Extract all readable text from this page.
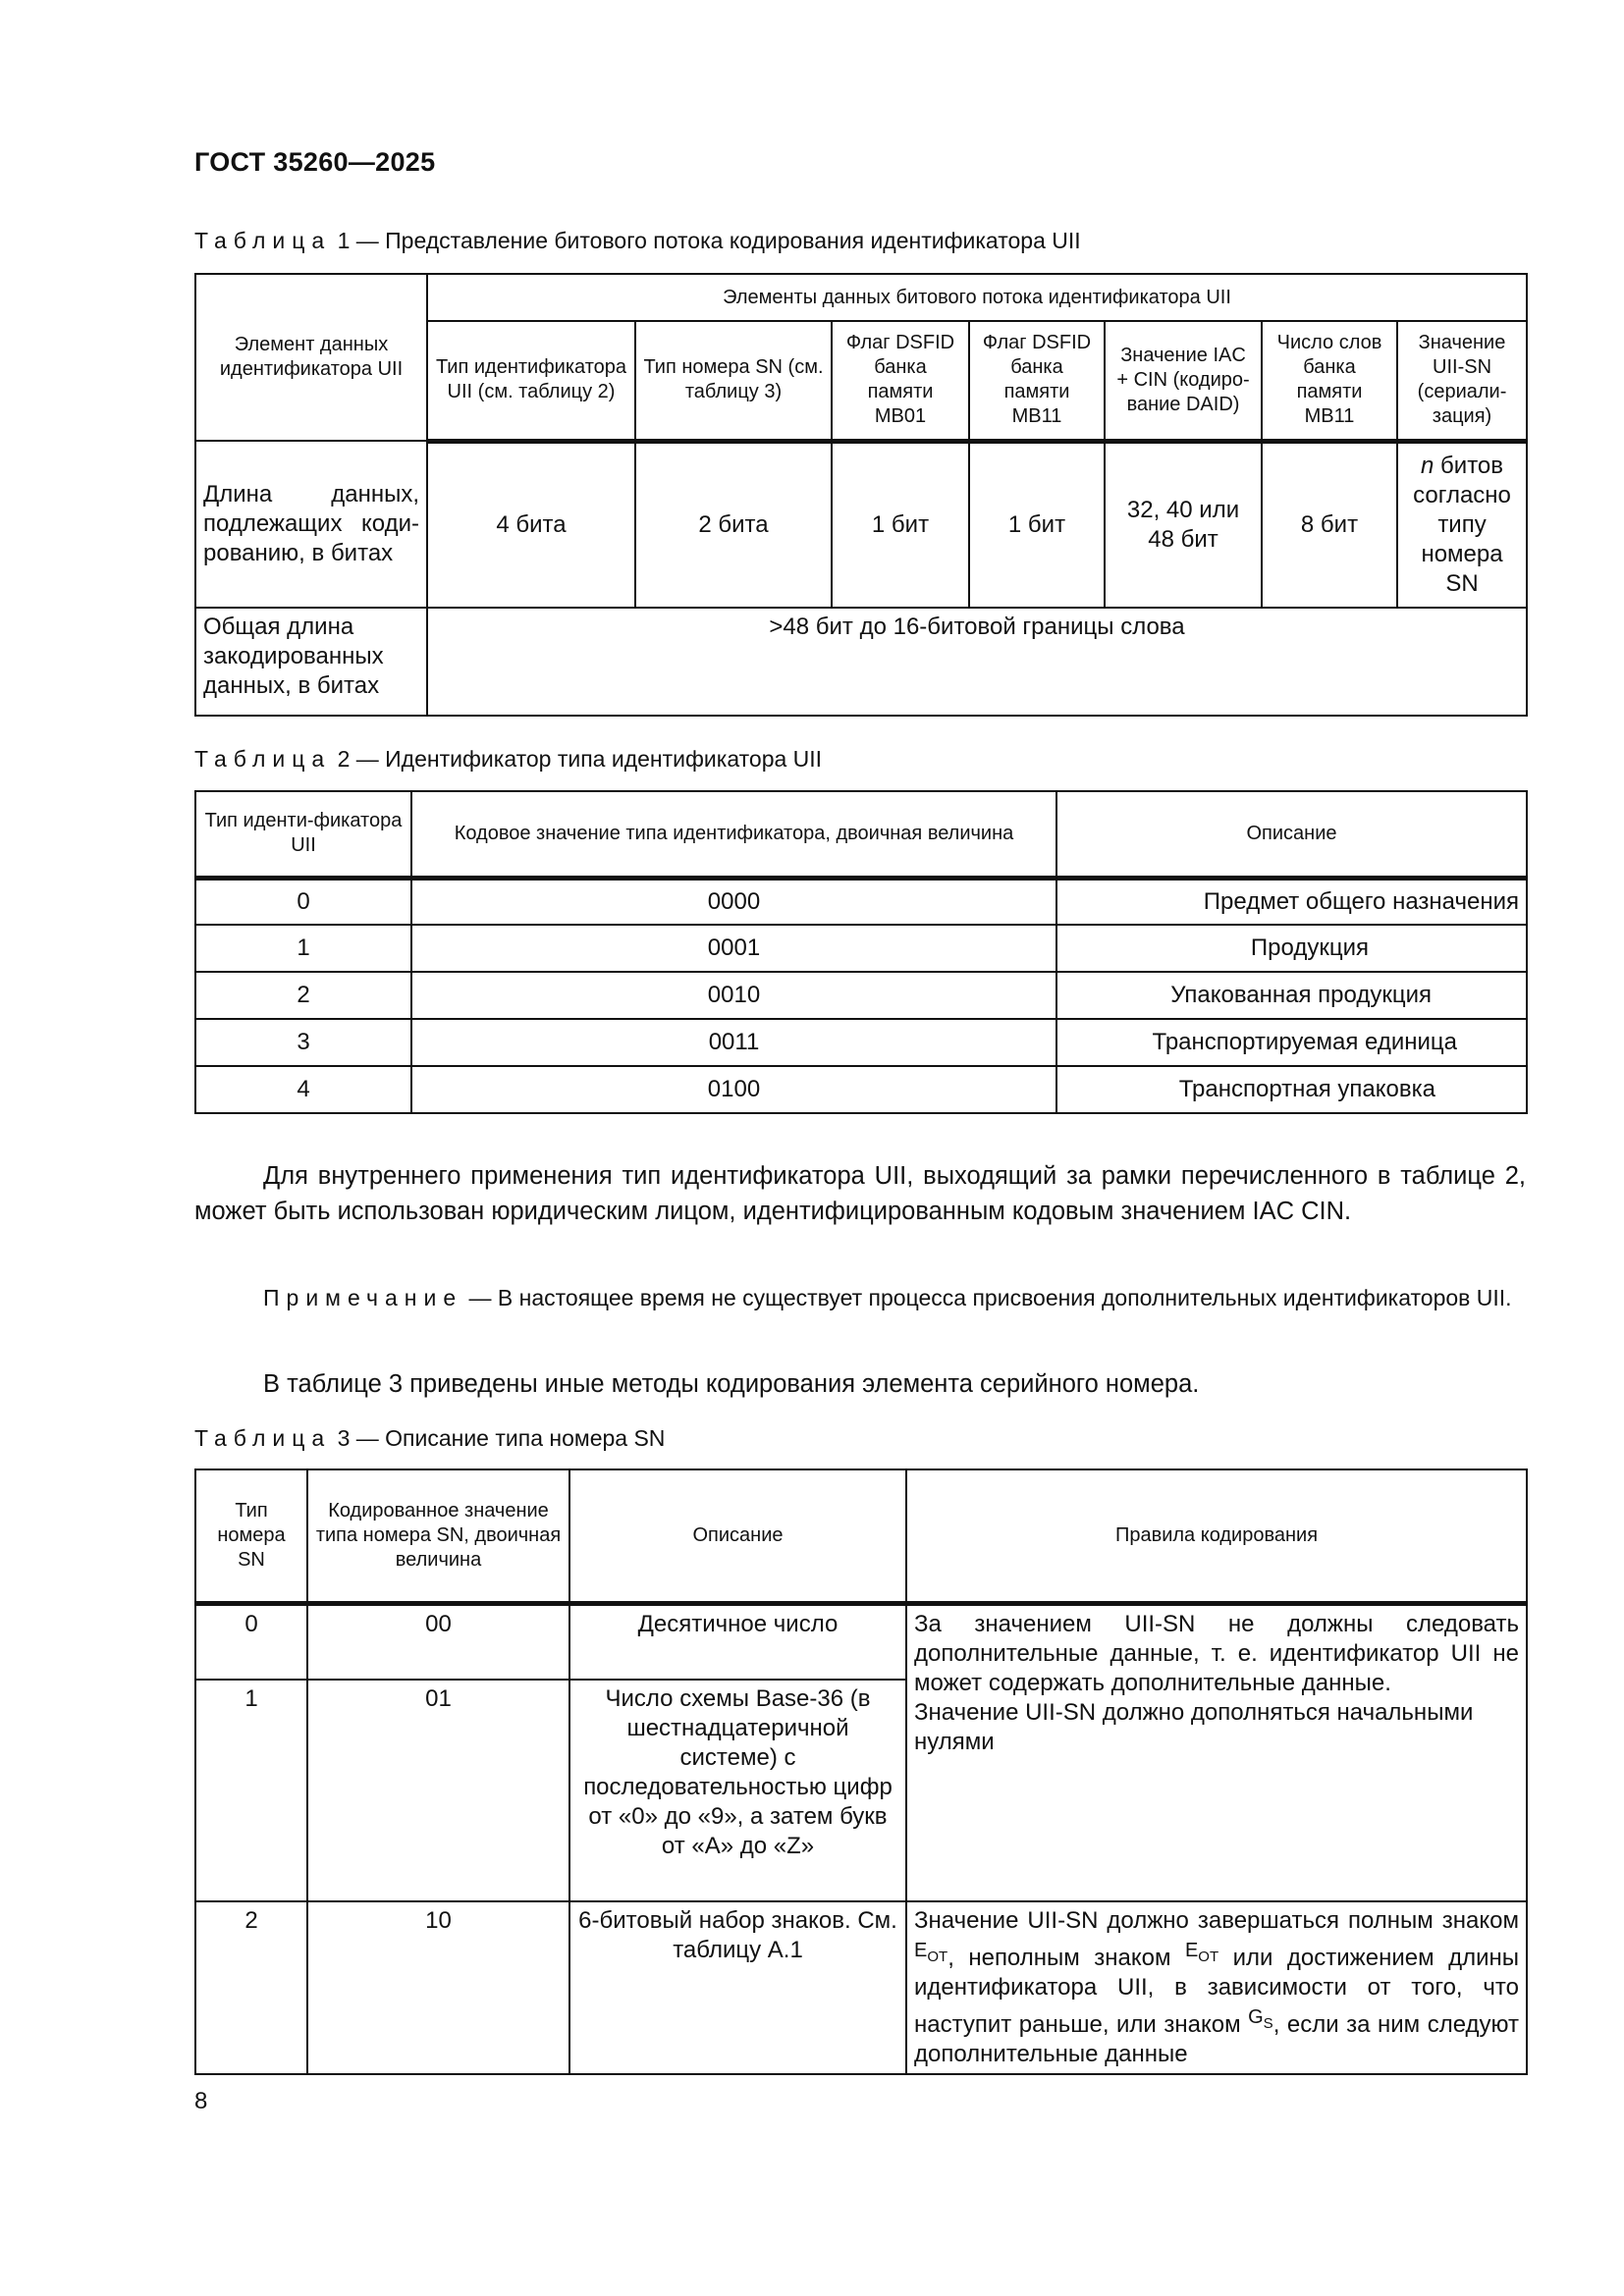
ГОСТ 35260—2025
Таблица 1 — Представление битового потока кодирования идентификатора UII
Элемент данных идентификатора UII	Элементы данных битового потока идентификатора UII						
	Тип идентификатора UII (см. таблицу 2)	Тип номера SN (см. таблицу 3)	Флаг DSFID банка памяти MB01	Флаг DSFID банка памяти MB11	Значение IAC + CIN (кодиро-вание DAID)	Число слов банка памяти MB11	Значение UII-SN (сериали-зация)
Длина данных, подлежащих коди-рованию, в битах	4 бита	2 бита	1 бит	1 бит	32, 40 или 48 бит	8 бит	n битов согласно типу номера SN
Общая длина закодированных данных, в битах	>48 бит до 16-битовой границы слова						
Таблица 2 — Идентификатор типа идентификатора UII
Тип иденти-фикатора UII	Кодовое значение типа идентификатора, двоичная величина	Описание
0	0000	Предмет общего назначения
1	0001	Продукция
2	0010	Упакованная продукция
3	0011	Транспортируемая единица
4	0100	Транспортная упаковка
Для внутреннего применения тип идентификатора UII, выходящий за рамки перечисленного в таблице 2, может быть использован юридическим лицом, идентифицированным кодовым значением IAC CIN.
Примечание — В настоящее время не существует процесса присвоения дополнительных идентификаторов UII.
В таблице 3 приведены иные методы кодирования элемента серийного номера.
Таблица 3 — Описание типа номера SN
Тип номера SN	Кодированное значение типа номера SN, двоичная величина	Описание	Правила кодирования
0	00	Десятичное число	За значением UII-SN не должны следовать дополнительные данные, т. е. идентификатор UII не может содержать дополнительные данные.
Значение UII-SN должно дополняться начальными нулями

1	01	Число схемы Base-36 (в шестнадцатеричной системе) с последовательностью цифр от «0» до «9», а затем букв от «A» до «Z»	
2	10	6-битовый набор знаков. См. таблицу А.1	Значение UII-SN должно завершаться полным знаком $^{E_{OT}}$, неполным знаком $^{E_{OT}}$ или достижением длины идентификатора UII, в зависимости от того, что наступит раньше, или знаком $^{G_S}$, если за ним следуют дополнительные данные
8
